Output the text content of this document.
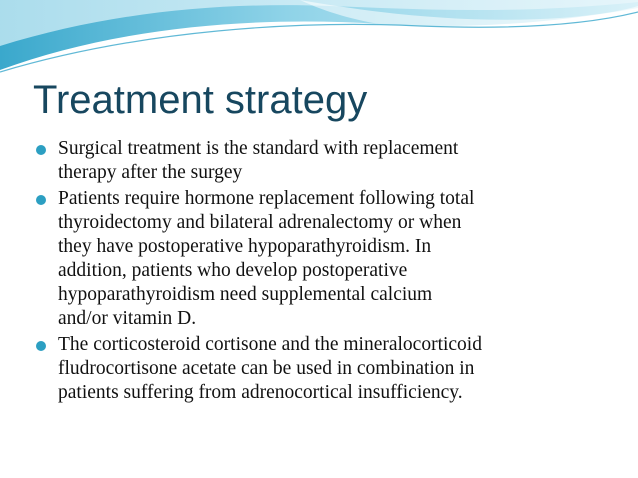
Treatment strategy
Surgical treatment is the standard with replacement
therapy after the surgey
Patients require hormone replacement following total
thyroidectomy and bilateral adrenalectomy or when
they have postoperative hypoparathyroidism. In
addition, patients who develop postoperative
hypoparathyroidism need supplemental calcium
and/or vitamin D.
The corticosteroid cortisone and the mineralocorticoid
fludrocortisone acetate can be used in combination in
patients suffering from adrenocortical insufficiency.
